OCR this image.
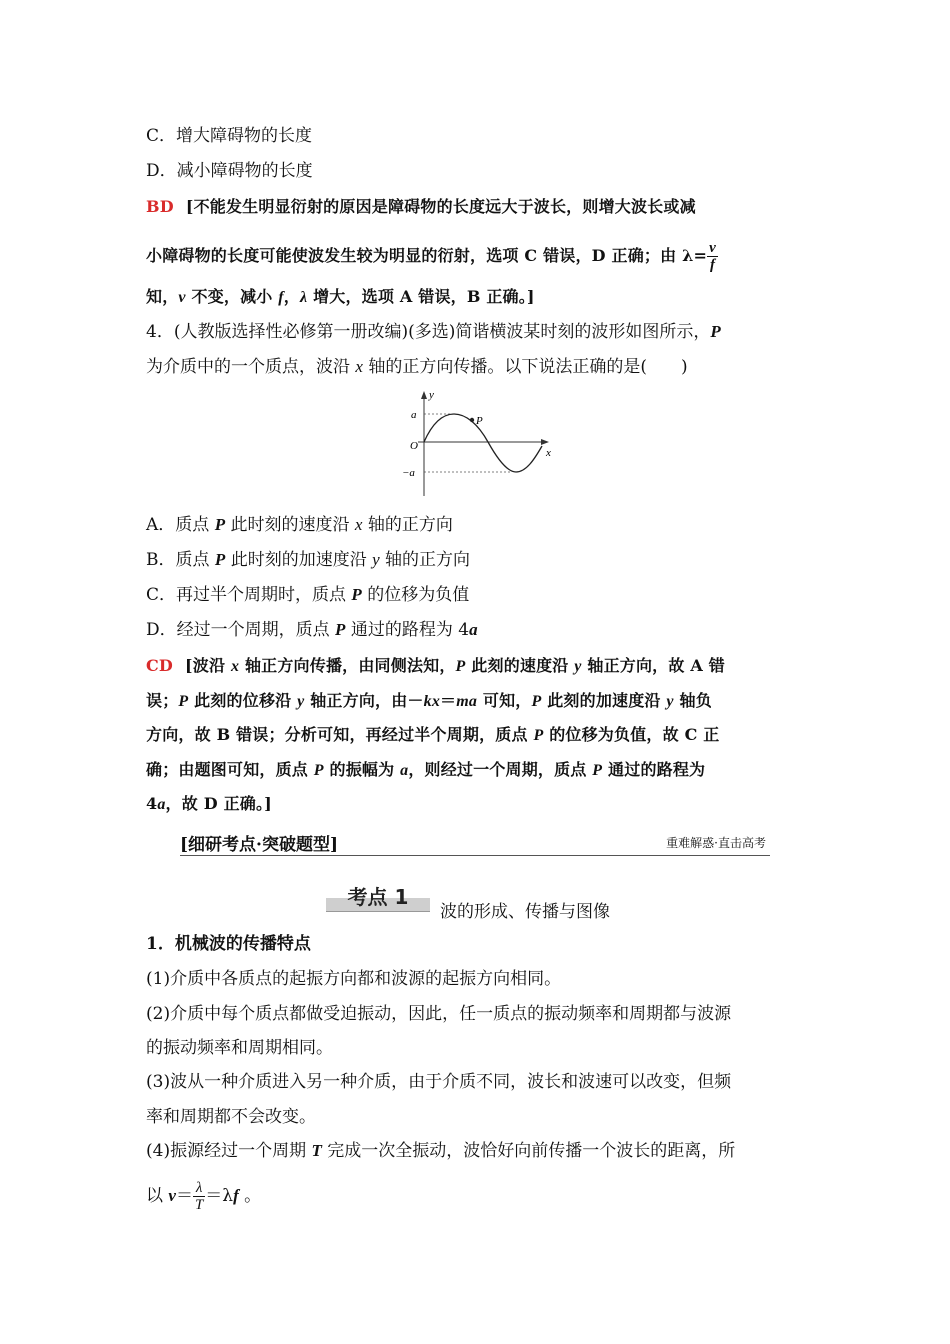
C．增大障碍物的长度
D．减小障碍物的长度
BD [不能发生明显衍射的原因是障碍物的长度远大于波长，则增大波长或减
小障碍物的长度可能使波发生较为明显的衍射，选项 C 错误，D 正确；由 $\lambda= \frac{v}{f}$
知，v 不变，减小 f，λ 增大，选项 A 错误，B 正确。]
4．(人教版选择性必修第一册改编)(多选)简谐横波某时刻的波形如图所示，P
为介质中的一个质点，波沿 x 轴的正方向传播。以下说法正确的是(　　)
y
x
a
−a
O
P
A．质点 P 此时刻的速度沿 x 轴的正方向
B．质点 P 此时刻的加速度沿 y 轴的正方向
C．再过半个周期时，质点 P 的位移为负值
D．经过一个周期，质点 P 通过的路程为 4a
CD [波沿 x 轴正方向传播，由同侧法知，P 此刻的速度沿 y 轴正方向，故 A 错
误；P 此刻的位移沿 y 轴正方向，由－kx＝ma 可知，P 此刻的加速度沿 y 轴负
方向，故 B 错误；分析可知，再经过半个周期，质点 P 的位移为负值，故 C 正
确；由题图可知，质点 P 的振幅为 a，则经过一个周期，质点 P 通过的路程为
4a，故 D 正确。]
[细研考点·突破题型]	重难解惑·直击高考
考点 1
波的形成、传播与图像
1．机械波的传播特点
(1)介质中各质点的起振方向都和波源的起振方向相同。
(2)介质中每个质点都做受迫振动，因此，任一质点的振动频率和周期都与波源
的振动频率和周期相同。
(3)波从一种介质进入另一种介质，由于介质不同，波长和波速可以改变，但频
率和周期都不会改变。
(4)振源经过一个周期 T 完成一次全振动，波恰好向前传播一个波长的距离，所
以 $v= \frac{\lambda}{T} =\lambda f$ 。
